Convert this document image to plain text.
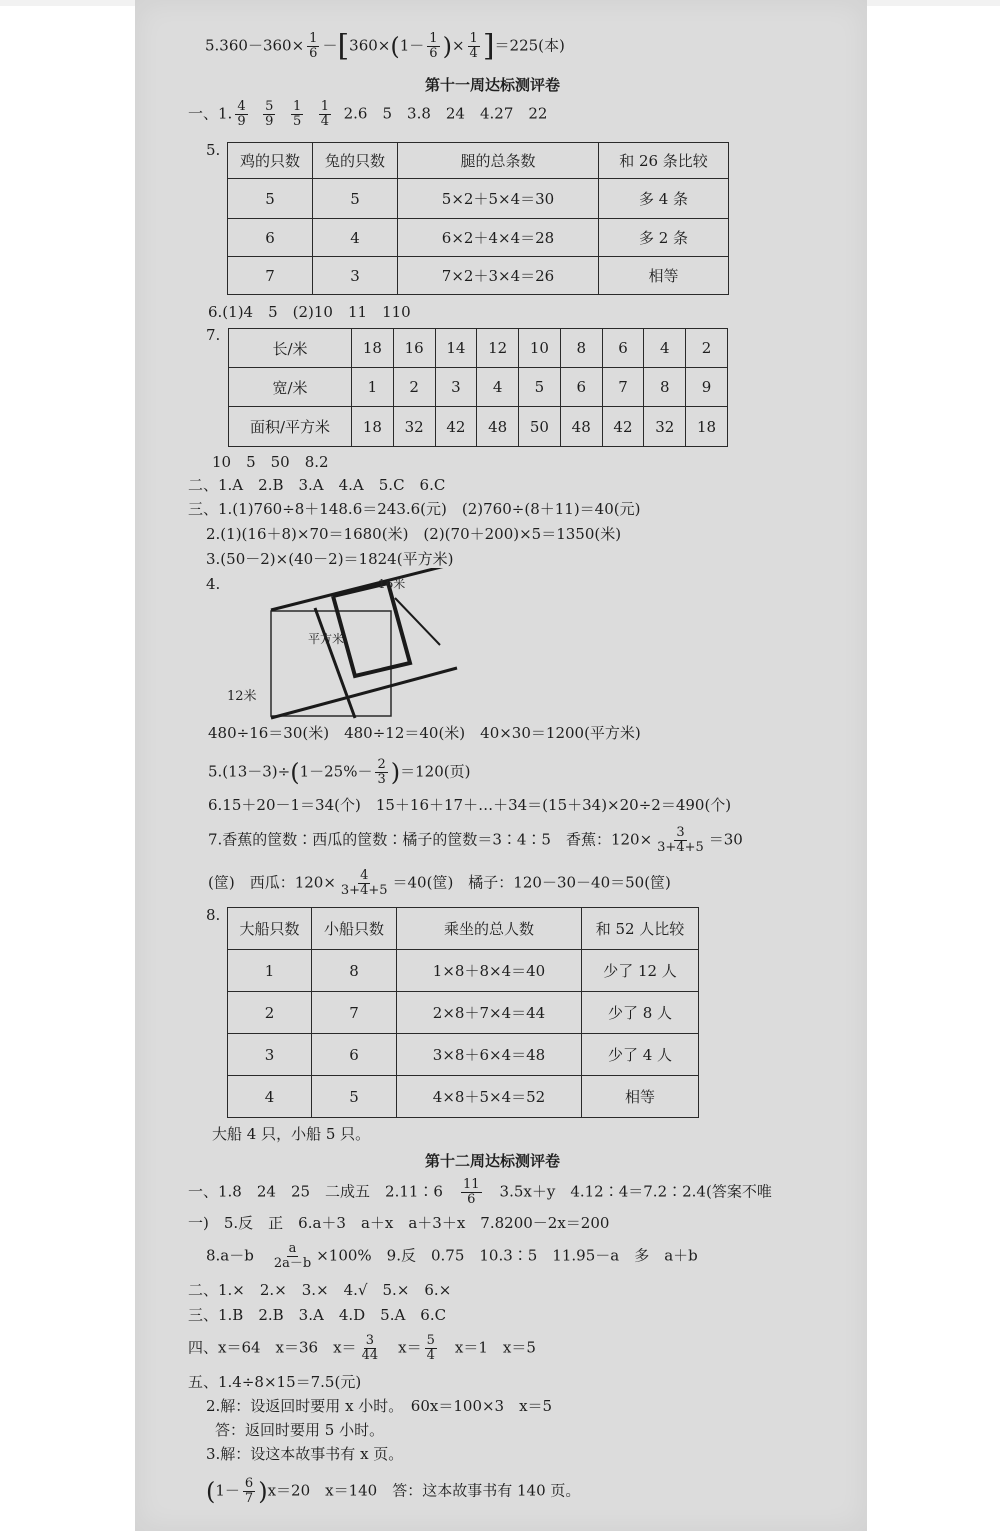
$5.360-360\times \frac{1}{6} -[360\times(1- \frac{1}{6}$ )× $\frac{1}{4} ]=225$(本)
第十一周达标测评卷
一、1. $\frac{4}{9}$
$\frac{5}{9}$
$\frac{1}{5}$
$\frac{1}{4} 2.6$　5　3.8　24　4.27　22
5.
鸡的只数	兔的只数	腿的总条数	和 26 条比较
5	5	5×2＋5×4＝30	多 4 条
6	4	6×2＋4×4＝28	多 2 条
7	3	7×2＋3×4＝26	相等
6.(1)4　5　(2)10　11　110
7.
长/米	18	16	14	12	10	8	6	4	2
宽/米	1	2	3	4	5	6	7	8	9
面积/平方米	18	32	42	48	50	48	42	32	18
10　5　50　8.2
二、1.A　2.B　3.A　4.A　5.C　6.C
三、1.(1)760÷8＋148.6＝243.6(元)　(2)760÷(8＋11)＝40(元)
2.(1)(16＋8)×70＝1680(米)　(2)(70＋200)×5＝1350(米)
3.(50－2)×(40－2)＝1824(平方米)
4.	16米
平方米
12米
480÷16＝30(米)　480÷12＝40(米)　40×30＝1200(平方米)
$5.(13-3)\div(1-25\%- \frac{2}{3} )=120$(页)
6.15＋20－1＝34(个)　15＋16＋17＋…＋34＝(15＋34)×20÷2＝490(个)
7.香蕉的筐数∶西瓜的筐数∶橘子的筐数＝3∶4∶5　香蕉：$120\times \frac{3}{3+4+5} =30$
(筐)　西瓜：$120\times \frac{4}{3+4+5} =40$(筐)　橘子：120－30－40＝50(筐)
8.
大船只数	小船只数	乘坐的总人数	和 52 人比较
1	8	1×8＋8×4＝40	少了 12 人
2	7	2×8＋7×4＝44	少了 8 人
3	6	3×8＋6×4＝48	少了 4 人
4	5	4×8＋5×4＝52	相等
大船 4 只，小船 5 只。
第十二周达标测评卷
一、1.8　24　25　二成五　2.11∶6　 $\frac{11}{6}$ 　3.5x＋y　4.12∶4＝7.2∶2.4(答案不唯
一)　5.反　正　6.a＋3　a＋x　a＋3＋x　7.8200－2x＝200
8.a－b　 $\frac{a}{2a-b} \times 100\%$　9.反　0.75　10.3∶5　11.95－a　多　a＋b
二、1.×　2.×　3.×　4.√　5.×　6.×
三、1.B　2.B　3.A　4.D　5.A　6.C
四、x＝64　x＝36　$x= \frac{3}{44}$ 　$x= \frac{5}{4}$ 　x＝1　x＝5
五、1.4÷8×15＝7.5(元)
2.解：设返回时要用 x 小时。　60x＝100×3　x＝5
答：返回时要用 5 小时。
3.解：设这本故事书有 x 页。
$(1- \frac{6}{7} )x=20$　x＝140　答：这本故事书有 140 页。
